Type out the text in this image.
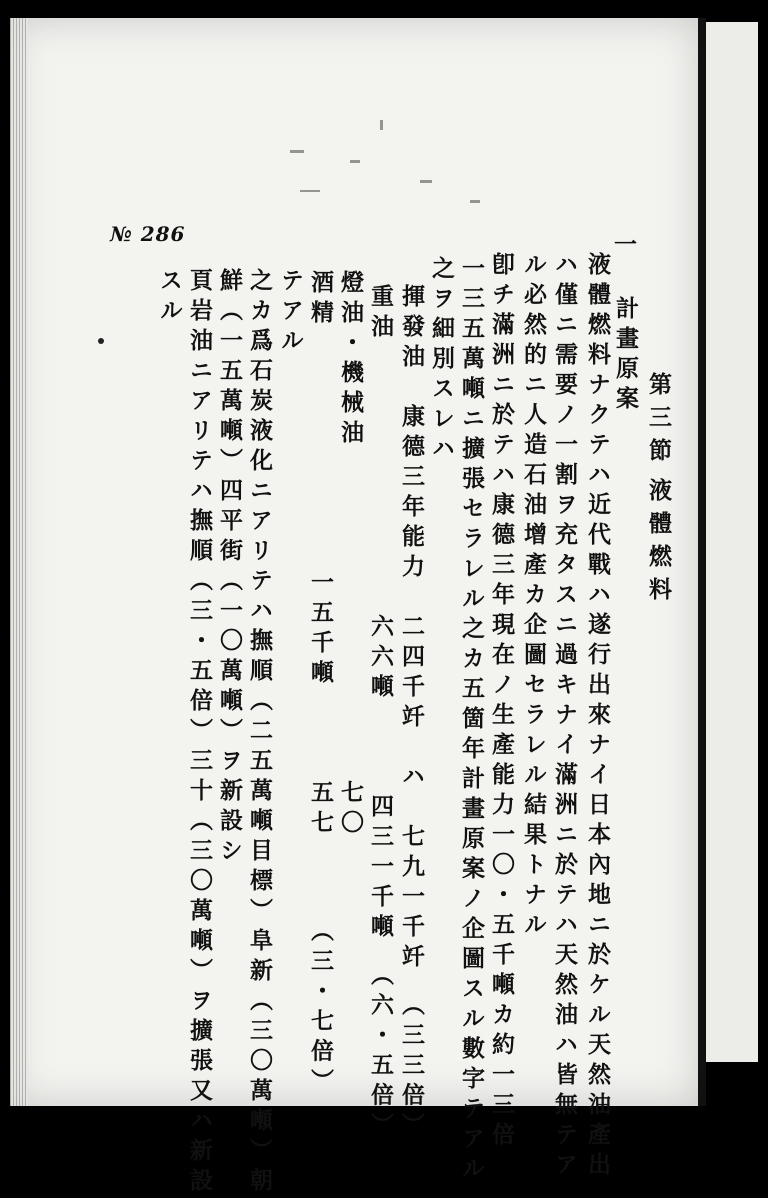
№ 286	一
計畫原案
第三節
液體燃料
液體燃料ナクテハ近代戰ハ遂行出來ナイ日本內地ニ於ケル天然油產出
ハ僅ニ需要ノ一割ヲ充タスニ過キナイ滿洲ニ於テハ天然油ハ皆無テア
ル必然的ニ人造石油增產カ企圖セラレル結果トナル
卽チ滿洲ニ於テハ康德三年現在ノ生產能力一〇・五千噸カ約一三倍
一三五萬噸ニ擴張セラレル之カ五箇年計畫原案ノ企圖スル數字テアル
之ヲ細別スレハ
揮發油　康德三年能力　二四千竏　ハ　七九一千竏　（三三倍）
重油　　　　　　　　　六六噸　　　四三一千噸　（六・五倍）
燈油・機械油　　　　　　　　　　　七〇
酒精　　　　　　　　一五千噸　　　五七　　　（三・七倍）
テアル
之カ爲石炭液化ニアリテハ撫順（二五萬噸目標）阜新（三〇萬噸）朝
鮮（一五萬噸）四平街（一〇萬噸）ヲ新設シ
頁岩油ニアリテハ撫順（三・五倍）三十（三〇萬噸）ヲ擴張又ハ新設
スル
